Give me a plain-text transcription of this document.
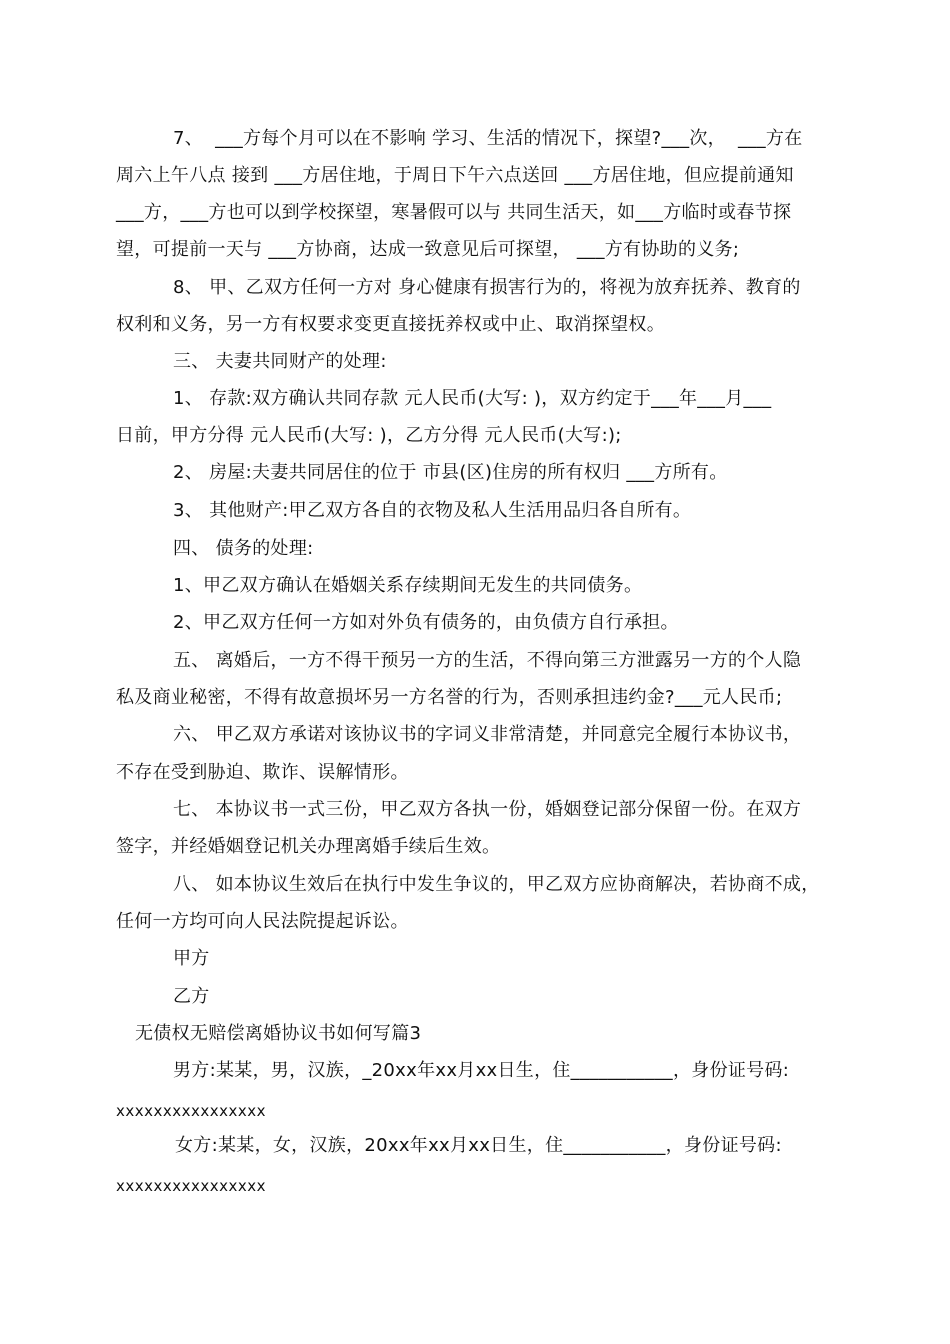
7、  ___方每个月可以在不影响 学习、生活的情况下，探望?___次，  ___方在
周六上午八点 接到 ___方居住地，于周日下午六点送回 ___方居住地，但应提前通知
___方，___方也可以到学校探望，寒暑假可以与 共同生活天，如___方临时或春节探
望，可提前一天与 ___方协商，达成一致意见后可探望， ___方有协助的义务;
8、 甲、乙双方任何一方对 身心健康有损害行为的，将视为放弃抚养、教育的
权利和义务，另一方有权要求变更直接抚养权或中止、取消探望权。
三、 夫妻共同财产的处理:
1、 存款:双方确认共同存款 元人民币(大写: )，双方约定于___年___月___
日前，甲方分得 元人民币(大写: )，乙方分得 元人民币(大写:);
2、 房屋:夫妻共同居住的位于 市县(区)住房的所有权归 ___方所有。
3、 其他财产:甲乙双方各自的衣物及私人生活用品归各自所有。
四、 债务的处理:
1、甲乙双方确认在婚姻关系存续期间无发生的共同债务。
2、甲乙双方任何一方如对外负有债务的，由负债方自行承担。
五、 离婚后，一方不得干预另一方的生活，不得向第三方泄露另一方的个人隐
私及商业秘密，不得有故意损坏另一方名誉的行为，否则承担违约金?___元人民币;
六、 甲乙双方承诺对该协议书的字词义非常清楚，并同意完全履行本协议书，
不存在受到胁迫、欺诈、误解情形。
七、 本协议书一式三份，甲乙双方各执一份，婚姻登记部分保留一份。在双方
签字，并经婚姻登记机关办理离婚手续后生效。
八、 如本协议生效后在执行中发生争议的，甲乙双方应协商解决，若协商不成，
任何一方均可向人民法院提起诉讼。
甲方
乙方
无债权无赔偿离婚协议书如何写篇3
男方:某某，男，汉族，_20xx年xx月xx日生，住___________，身份证号码:
xxxxxxxxxxxxxxxx
女方:某某，女，汉族，20xx年xx月xx日生，住___________，身份证号码:
xxxxxxxxxxxxxxxx
